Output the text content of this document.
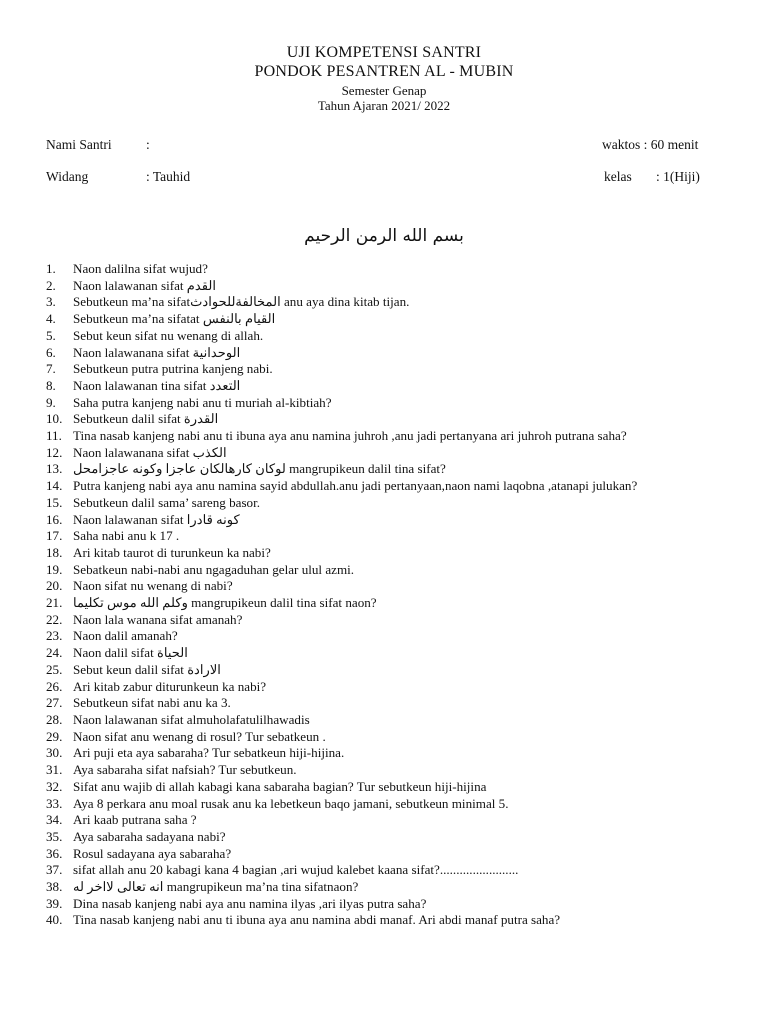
UJI KOMPETENSI SANTRI
PONDOK PESANTREN AL - MUBIN
Semester Genap
Tahun Ajaran 2021/ 2022
Nami Santri	:	waktos : 60 menit
Widang	: Tauhid	kelas : 1(Hiji)
بسم الله الرمن الرحيم
1.	Naon dalilna sifat wujud?
2.	Naon lalawanan sifat القدم
3.	Sebutkeun ma’na sifatالمخالفةللحوادث anu aya dina kitab tijan.
4.	Sebutkeun ma’na sifatat القيام بالنفس
5.	Sebut keun sifat nu wenang di allah.
6.	Naon lalawanana sifat الوحدانية
7.	Sebutkeun putra putrina kanjeng nabi.
8.	Naon lalawanan tina sifat التعدد
9.	Saha putra kanjeng nabi anu ti muriah al-kibtiah?
10. Sebutkeun dalil sifat القدرة
11. Tina nasab kanjeng nabi anu ti ibuna aya anu namina juhroh ,anu jadi pertanyana ari juhroh putrana saha?
12. Naon lalawanana sifat الكذب
13. لوكان كارهالكان عاجزا وكونه عاجزامحل mangrupikeun dalil tina sifat?
14. Putra kanjeng nabi aya anu namina sayid abdullah.anu jadi pertanyaan,naon nami laqobna ,atanapi julukan?
15. Sebutkeun dalil sama’ sareng basor.
16. Naon lalawanan sifat كونه قادرا
17. Saha nabi anu k 17 .
18. Ari kitab taurot di turunkeun ka nabi?
19. Sebatkeun nabi-nabi anu ngagaduhan gelar ulul azmi.
20. Naon sifat nu wenang di nabi?
21. وكلم الله موس تكليما mangrupikeun dalil tina sifat naon?
22. Naon lala wanana sifat amanah?
23. Naon dalil amanah?
24. Naon dalil sifat الحياة
25. Sebut keun dalil sifat الارادة
26. Ari kitab zabur diturunkeun ka nabi?
27. Sebutkeun sifat nabi anu ka 3.
28. Naon lalawanan sifat almuholafatulilhawadis
29. Naon sifat anu wenang di rosul? Tur sebatkeun .
30. Ari puji eta aya sabaraha? Tur sebatkeun hiji-hijina.
31. Aya sabaraha sifat nafsiah? Tur sebutkeun.
32. Sifat anu wajib di allah kabagi kana sabaraha bagian? Tur sebutkeun hiji-hijina
33. Aya 8 perkara anu moal rusak anu ka lebetkeun baqo jamani, sebutkeun minimal 5.
34. Ari kaab putrana saha ?
35. Aya sabaraha sadayana nabi?
36. Rosul sadayana aya sabaraha?
37. sifat allah anu 20 kabagi kana 4 bagian ,ari wujud kalebet kaana sifat?........................
38. انه تعالى لااخر له mangrupikeun ma’na tina sifatnaon?
39. Dina nasab kanjeng nabi aya anu namina ilyas ,ari ilyas putra saha?
40. Tina nasab kanjeng nabi anu ti ibuna aya anu namina abdi manaf. Ari abdi manaf putra saha?
